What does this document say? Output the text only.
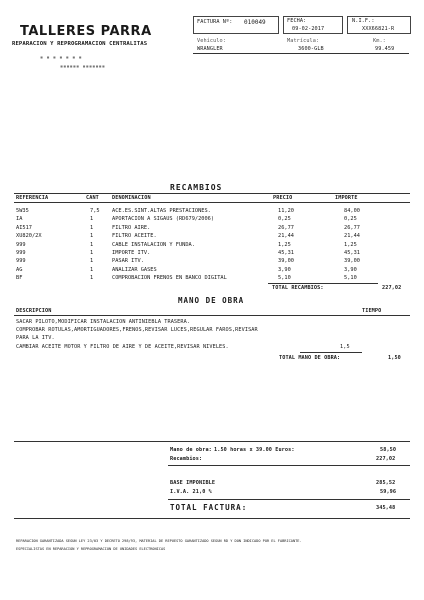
TALLERES PARRA
REPARACION Y REPROGRAMACION CENTRALITAS
▪ ▪ ▪ ▪ ▪ ▪ ▪
▪▪▪▪▪▪ ▪▪▪▪▪▪▪
FACTURA Nº: 010049	FECHA:
09-02-2017
N.I.F.:
XXX66821-R
Vehículo:
WRANGLER
Matrícula:
3600-GLB
Km.:
99.459
RECAMBIOS
REFERENCIA	CANT	DENOMINACION	PRECIO	IMPORTE
5W35	7,5 ACE.ES.SINT.ALTAS PRESTACIONES.	11,20	84,00
IA	1	APORTACION A SIGAUS (RD679/2006)	0,25	0,25
AI517	1	FILTRO AIRE.	26,77	26,77
XU820/2X	1	FILTRO ACEITE.	21,44	21,44
999	1	CABLE INSTALACION Y FUNDA.	1,25	1,25
999	1	IMPORTE ITV.	45,31	45,31
999	1	PASAR ITV.	39,00	39,00
AG	1	ANALIZAR GASES	3,90	3,90
BF	1	COMPROBACION FRENOS EN BANCO DIGITAL	5,10	5,10
TOTAL RECAMBIOS:	227,02
MANO DE OBRA
DESCRIPCION	TIEMPO
SACAR PILOTO,MODIFICAR INSTALACION ANTINIEBLA TRASERA.
COMPROBAR ROTULAS,AMORTIGUADORES,FRENOS,REVISAR LUCES,REGULAR FAROS,REVISAR
PARA LA ITV.
CAMBIAR ACEITE MOTOR Y FILTRO DE AIRE Y DE ACEITE,REVISAR NIVELES.	1,5
TOTAL MANO DE OBRA:	1,50
Mano de obra: 1.50 horas x 39.00 Euros:	58,50
Recambios:	227,02
BASE IMPONIBLE	285,52
I.V.A. 21,0 %	59,96
TOTAL FACTURA:	345,48
REPARACION GARANTIZADA SEGUN LEY 23/03 Y DECRETO 298/93, MATERIAL DE REPUESTO GARANTIZADO SEGUN RD Y DON INDICADO POR EL FABRICANTE.
ESPECIALISTAS EN REPARACION Y REPROGRAMACION DE UNIDADES ELECTRONICAS
